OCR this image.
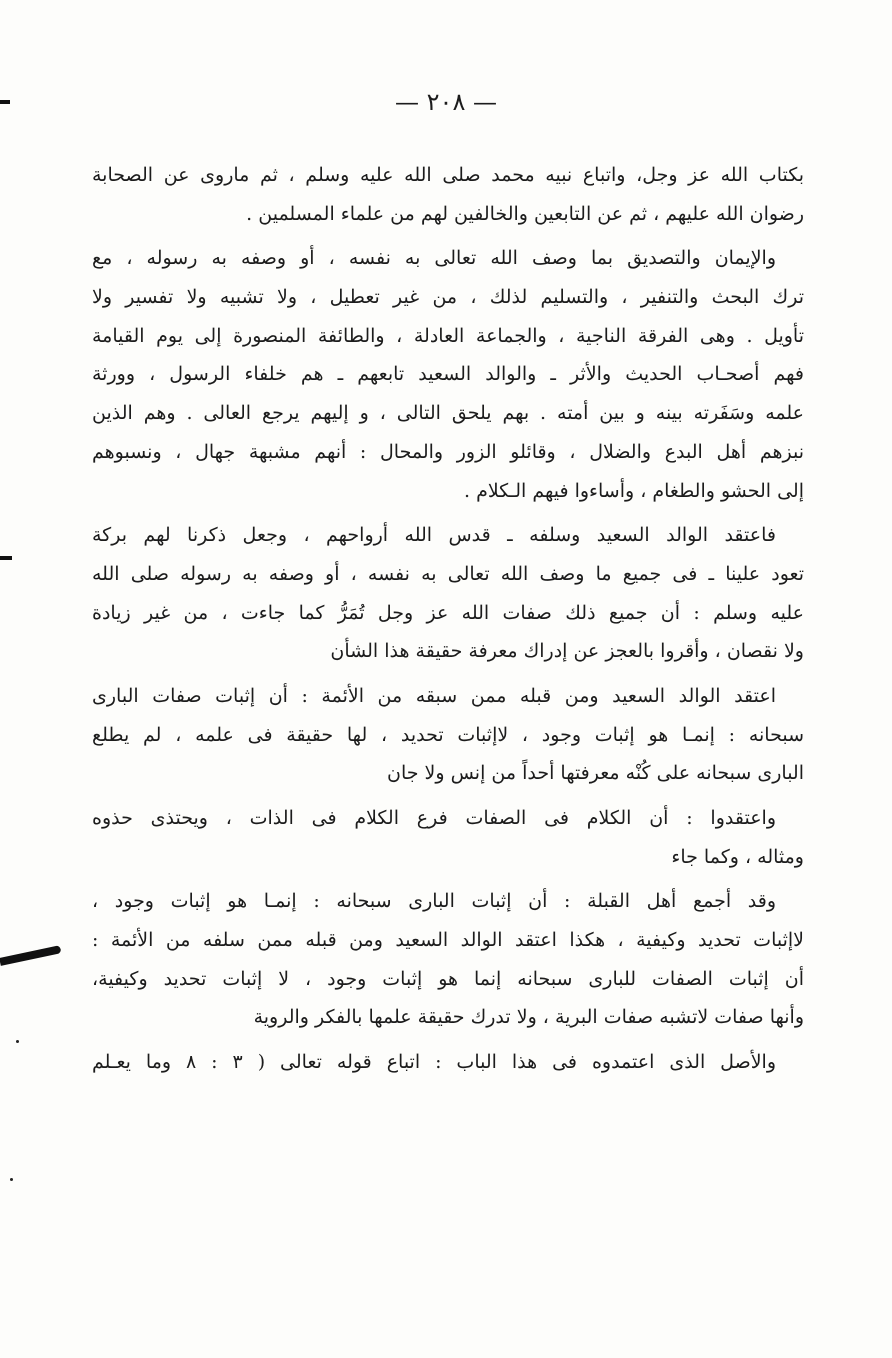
— ٢٠٨ —
بكتاب الله عز وجل، واتباع نبيه محمد صلى الله عليه وسلم ، ثم ماروى عن الصحابة
رضوان الله عليهم ، ثم عن التابعين والخالفين لهم من علماء المسلمين .
والإيمان والتصديق بما وصف الله تعالى به نفسه ، أو وصفه به رسوله ، مع
ترك البحث والتنفير ، والتسليم لذلك ، من غير تعطيل ، ولا تشبيه ولا تفسير ولا
تأويل . وهى الفرقة الناجية ، والجماعة العادلة ، والطائفة المنصورة إلى يوم القيامة
فهم أصحـاب الحديث والأثر ـ والوالد السعيد تابعهم ـ هم خلفاء الرسول ، وورثة
علمه وسَفَرته بينه و بين أمته . بهم يلحق التالى ، و إليهم يرجع العالى . وهم الذين
نبزهم أهل البدع والضلال ، وقائلو الزور والمحال : أنهم مشبهة جهال ، ونسبوهم
إلى الحشو والطغام ، وأساءوا فيهم الـكلام .
فاعتقد الوالد السعيد وسلفه ـ قدس الله أرواحهم ، وجعل ذكرنا لهم بركة
تعود علينا ـ فى جميع ما وصف الله تعالى به نفسه ، أو وصفه به رسوله صلى الله
عليه وسلم : أن جميع ذلك صفات الله عز وجل تُمَرُّ كما جاءت ، من غير زيادة
ولا نقصان ، وأقروا بالعجز عن إدراك معرفة حقيقة هذا الشأن
اعتقد الوالد السعيد ومن قبله ممن سبقه من الأئمة : أن إثبات صفات البارى
سبحانه : إنمـا هو إثبات وجود ، لاإثبات تحديد ، لها حقيقة فى علمه ، لم يطلع
البارى سبحانه على كُنْه معرفتها أحداً من إنس ولا جان
واعتقدوا : أن الكلام فى الصفات فرع الكلام فى الذات ، ويحتذى حذوه
ومثاله ، وكما جاء
وقد أجمع أهل القبلة : أن إثبات البارى سبحانه : إنمـا هو إثبات وجود ،
لاإثبات تحديد وكيفية ، هكذا اعتقد الوالد السعيد ومن قبله ممن سلفه من الأئمة :
أن إثبات الصفات للبارى سبحانه إنما هو إثبات وجود ، لا إثبات تحديد وكيفية،
وأنها صفات لاتشبه صفات البرية ، ولا تدرك حقيقة علمها بالفكر والروية
والأصل الذى اعتمدوه فى هذا الباب : اتباع قوله تعالى ( ٣ : ٨ وما يعـلم
